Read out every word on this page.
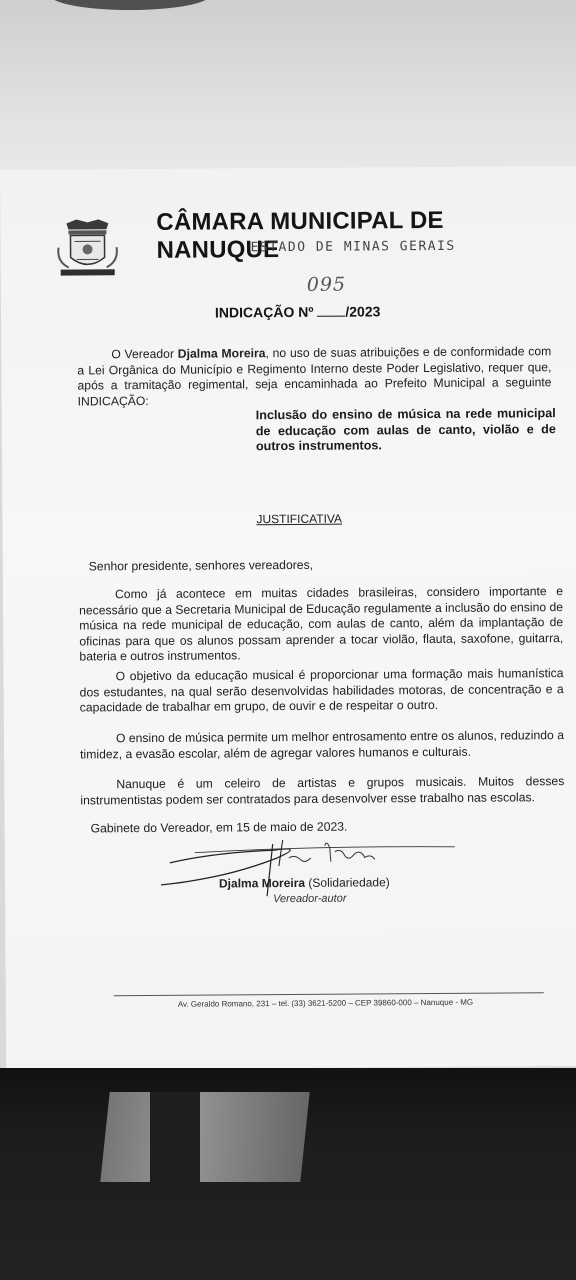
CÂMARA MUNICIPAL DE NANUQUE
ESTADO DE MINAS GERAIS
095
INDICAÇÃO Nº /2023
O Vereador Djalma Moreira, no uso de suas atribuições e de conformidade com a Lei Orgânica do Município e Regimento Interno deste Poder Legislativo, requer que, após a tramitação regimental, seja encaminhada ao Prefeito Municipal a seguinte INDICAÇÃO:
Inclusão do ensino de música na rede municipal de educação com aulas de canto, violão e de outros instrumentos.
JUSTIFICATIVA
Senhor presidente, senhores vereadores,
Como já acontece em muitas cidades brasileiras, considero importante e necessário que a Secretaria Municipal de Educação regulamente a inclusão do ensino de música na rede municipal de educação, com aulas de canto, além da implantação de oficinas para que os alunos possam aprender a tocar violão, flauta, saxofone, guitarra, bateria e outros instrumentos.
O objetivo da educação musical é proporcionar uma formação mais humanística dos estudantes, na qual serão desenvolvidas habilidades motoras, de concentração e a capacidade de trabalhar em grupo, de ouvir e de respeitar o outro.
O ensino de música permite um melhor entrosamento entre os alunos, reduzindo a timidez, a evasão escolar, além de agregar valores humanos e culturais.
Nanuque é um celeiro de artistas e grupos musicais. Muitos desses instrumentistas podem ser contratados para desenvolver esse trabalho nas escolas.
Gabinete do Vereador, em 15 de maio de 2023.
Djalma Moreira (Solidariedade)
Vereador-autor
Av. Geraldo Romano, 231 – tel. (33) 3621-5200 – CEP 39860-000 – Nanuque - MG
